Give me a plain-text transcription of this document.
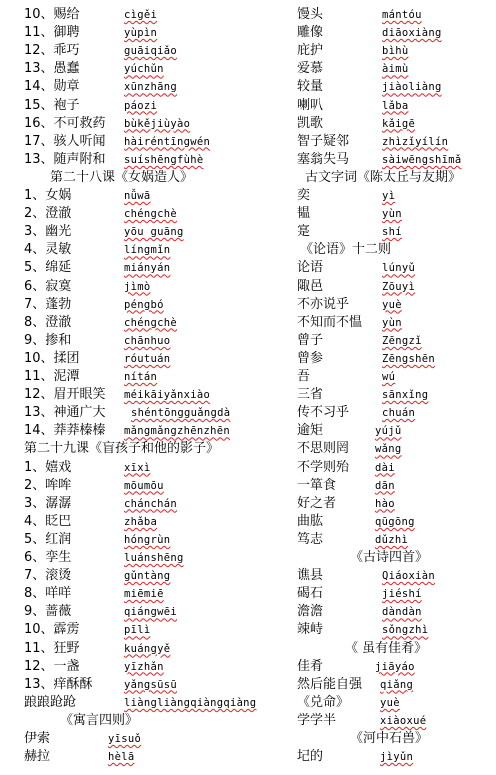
10、赐给	cìgěi
11、御聘	yùpìn
12、乖巧	guāiqiǎo
13、愚蠢	yúchǔn
14、勋章	xūnzhāng
15、袍子	páozi
16、不可救药 bùkějiùyào
17、骇人听闻 hàiréntīngwén
13、随声附和 suíshēngfùhè
第二十八课《女娲造人》
1、女娲	nǚwā
2、澄澈	chéngchè
3、幽光	yōu guāng
4、灵敏	língmǐn
5、绵延	miányán
6、寂寞	jìmò
7、蓬勃	péngbó
8、澄澈	chéngchè
9、掺和	chānhuo
10、揉团	róutuán
11、泥潭	nítán
12、眉开眼笑 méikāiyǎnxiào
13、神通广大 shéntōngguǎngdà
14、莽莽榛榛 mǎngmǎngzhēnzhēn
第二十九课《盲孩子和他的影子》
1、嬉戏	xīxì
2、哞哞	mōumōu
3、潺潺	chánchán
4、眨巴	zhǎba
5、红润	hóngrùn
6、孪生	luánshēng
7、滚烫	gǔntàng
8、咩咩	miēmiē
9、蔷薇	qiángwēi
10、霹雳	pīlì
11、狂野	kuángyě
12、一盏	yīzhǎn
13、痒酥酥	yǎngsūsū
踉踉跄跄	liàngliàngqiàngqiàng
《寓言四则》
伊索	yīsuǒ
赫拉	hèlā
馒头	mántóu
雕像	diāoxiàng
庇护	bìhù
爱慕	àimù
较量	jiàoliàng
喇叭	lǎba
凯歌	kǎigē
智子疑邻	zhìzǐyílín
塞翁失马	sàiwēngshīmǎ
古文字词《陈太丘与友期》
奕	yì
韫	yùn
寔	shí
《论语》十二则
论语	lúnyǔ
陬邑	Zōuyì
不亦说乎	yuè
不知而不愠 yùn
曾子	Zēngzǐ
曾参	Zēngshēn
吾	wú
三省	sānxǐng
传不习乎	chuán
逾矩	yújǔ
不思则罔 wǎng
不学则殆 dài
一箪食	dān
好之者	hào
曲肱	qūgōng
笃志	dǔzhì
《古诗四首》
谯县	Qiáoxiàn
碣石	jiéshí
澹澹	dàndàn
竦峙	sǒngzhì
《 虽有佳肴》
佳肴	jiāyáo
然后能自强 qiǎng
《兑命》	yuè
学学半	xiàoxué
《河中石兽》
圮的	jìyǔn
